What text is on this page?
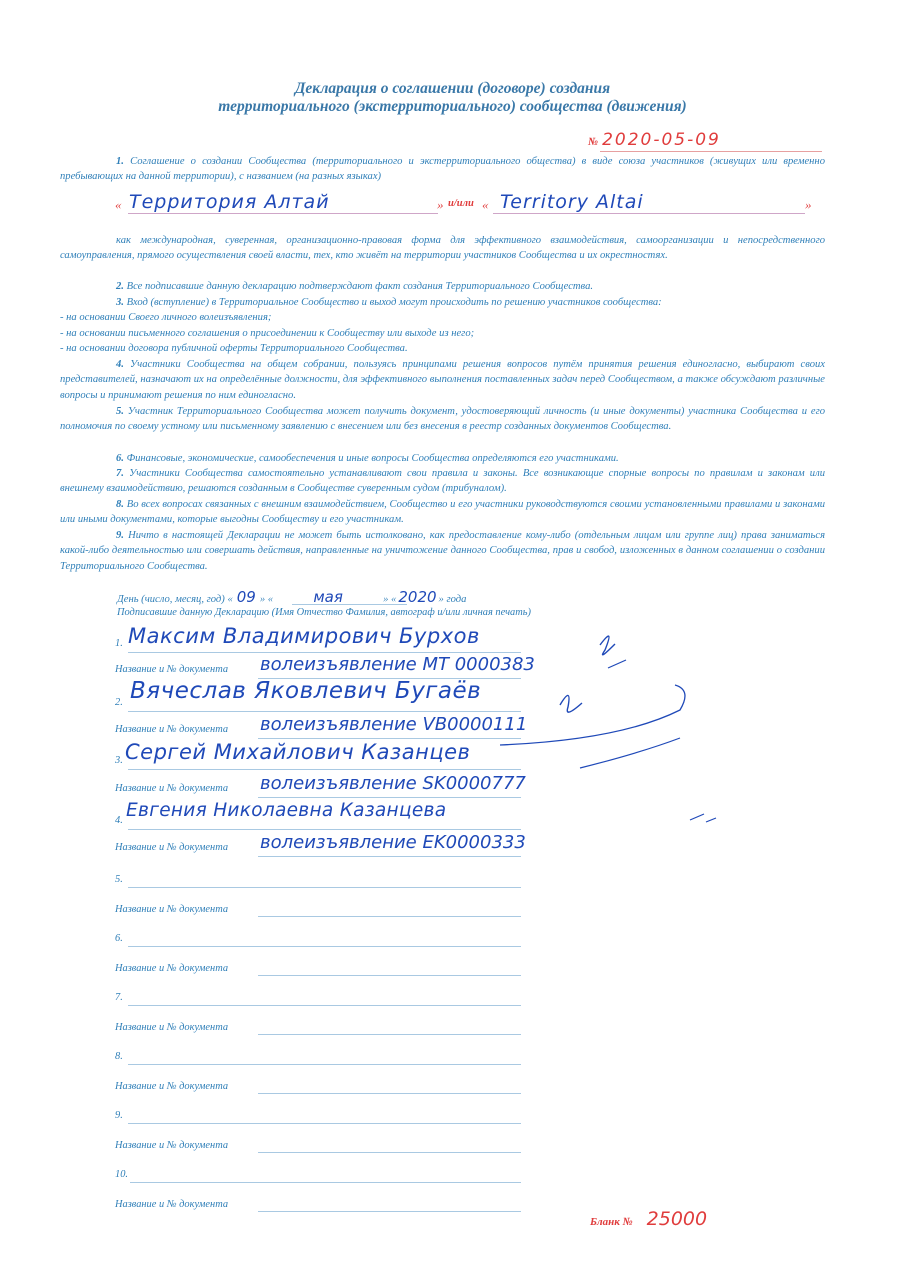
Декларация о соглашении (договоре) создания
территориального (экстерриториального) сообщества (движения)
№ 2020-05-09
1. Соглашение о создании Сообщества (территориального и экстерриториального общества) в виде союза участников (живущих или временно пребывающих на данной территории), с названием (на разных языках)
« Территория Алтай	» и/или « Territory Altai	»
как международная, суверенная, организационно-правовая форма для эффективного взаимодействия, самоорганизации и непосредственного самоуправления, прямого осуществления своей власти, тех, кто живёт на территории участников Сообщества и их окрестностях.
2. Все подписавшие данную декларацию подтверждают факт создания Территориального Сообщества.
3. Вход (вступление) в Территориальное Сообщество и выход могут происходить по решению участников сообщества:
- на основании Своего личного волеизъявления;
- на основании письменного соглашения о присоединении к Сообществу или выходе из него;
- на основании договора публичной оферты Территориального Сообщества.
4. Участники Сообщества на общем собрании, пользуясь принципами решения вопросов путём принятия решения единогласно, выбирают своих представителей, назначают их на определённые должности, для эффективного выполнения поставленных задач перед Сообществом, а также обсуждают различные вопросы и принимают решения по ним единогласно.
5. Участник Территориального Сообщества может получить документ, удостоверяющий личность (и иные документы) участника Сообщества и его полномочия по своему устному или письменному заявлению с внесением или без внесения в реестр созданных документов Сообщества.
6. Финансовые, экономические, самообеспечения и иные вопросы Сообщества определяются его участниками.
7. Участники Сообщества самостоятельно устанавливают свои правила и законы. Все возникающие спорные вопросы по правилам и законам или внешнему взаимодействию, решаются созданным в Сообществе суверенным судом (трибуналом).
8. Во всех вопросах связанных с внешним взаимодействием, Сообщество и его участники руководствуются своими установленными правилами и законами или иными документами, которые выгодны Сообществу и его участникам.
9. Ничто в настоящей Декларации не может быть истолковано, как предоставление кому-либо (отдельным лицам или группе лиц) права заниматься какой-либо деятельностью или совершать действия, направленные на уничтожение данного Сообщества, прав и свобод, изложенных в данном соглашении о создании Территориального Сообщества.
День (число, месяц, год) « 09 » «	мая	» « 2020 » года
Подписавшие данную Декларацию (Имя Отчество Фамилия, автограф и/или личная печать)
1. Максим Владимирович Бурхов
Название и № документа волеизъявление МТ 0000383
2. Вячеслав Яковлевич Бугаёв
Название и № документа волеизъявление VB0000111
3. Сергей Михайлович Казанцев
Название и № документа волеизъявление SK0000777
4. Евгения Николаевна Казанцева
Название и № документа волеизъявление EK0000333
5.
Название и № документа
6.
Название и № документа
7.
Название и № документа
8.
Название и № документа
9.
Название и № документа
10.
Название и № документа
Бланк № 25000
